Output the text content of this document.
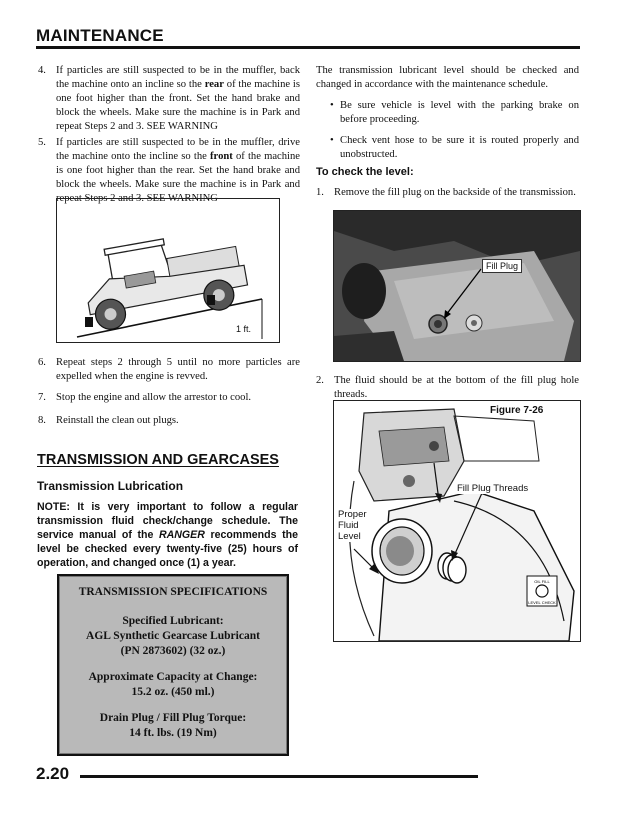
MAINTENANCE
4. If particles are still suspected to be in the muffler, back the machine onto an incline so the rear of the machine is one foot higher than the front. Set the hand brake and block the wheels. Make sure the machine is in Park and repeat Steps 2 and 3. SEE WARNING
5. If particles are still suspected to be in the muffler, drive the machine onto the incline so the front of the machine is one foot higher than the rear. Set the hand brake and block the wheels. Make sure the machine is in Park and repeat Steps 2 and 3. SEE WARNING
1 ft.
6. Repeat steps 2 through 5 until no more particles are expelled when the engine is revved.
7. Stop the engine and allow the arrestor to cool.
8. Reinstall the clean out plugs.
TRANSMISSION AND GEARCASES
Transmission Lubrication
NOTE: It is very important to follow a regular transmission fluid check/change schedule. The service manual of the RANGER recommends the level be checked every twenty-five (25) hours of operation, and changed once (1) a year.
TRANSMISSION SPECIFICATIONS
Specified Lubricant:
AGL Synthetic Gearcase Lubricant
(PN 2873602) (32 oz.)
Approximate Capacity at Change:
15.2 oz. (450 ml.)
Drain Plug / Fill Plug Torque:
14 ft. lbs. (19 Nm)
The transmission lubricant level should be checked and changed in accordance with the maintenance schedule.
• Be sure vehicle is level with the parking brake on before proceeding.
• Check vent hose to be sure it is routed properly and unobstructed.
To check the level:
1. Remove the fill plug on the backside of the transmission.
Fill Plug
2. The fluid should be at the bottom of the fill plug hole threads.
OIL FILL
LEVEL CHECK
Figure 7-26
Fill Plug Threads
Proper
Fluid
Level
2.20
